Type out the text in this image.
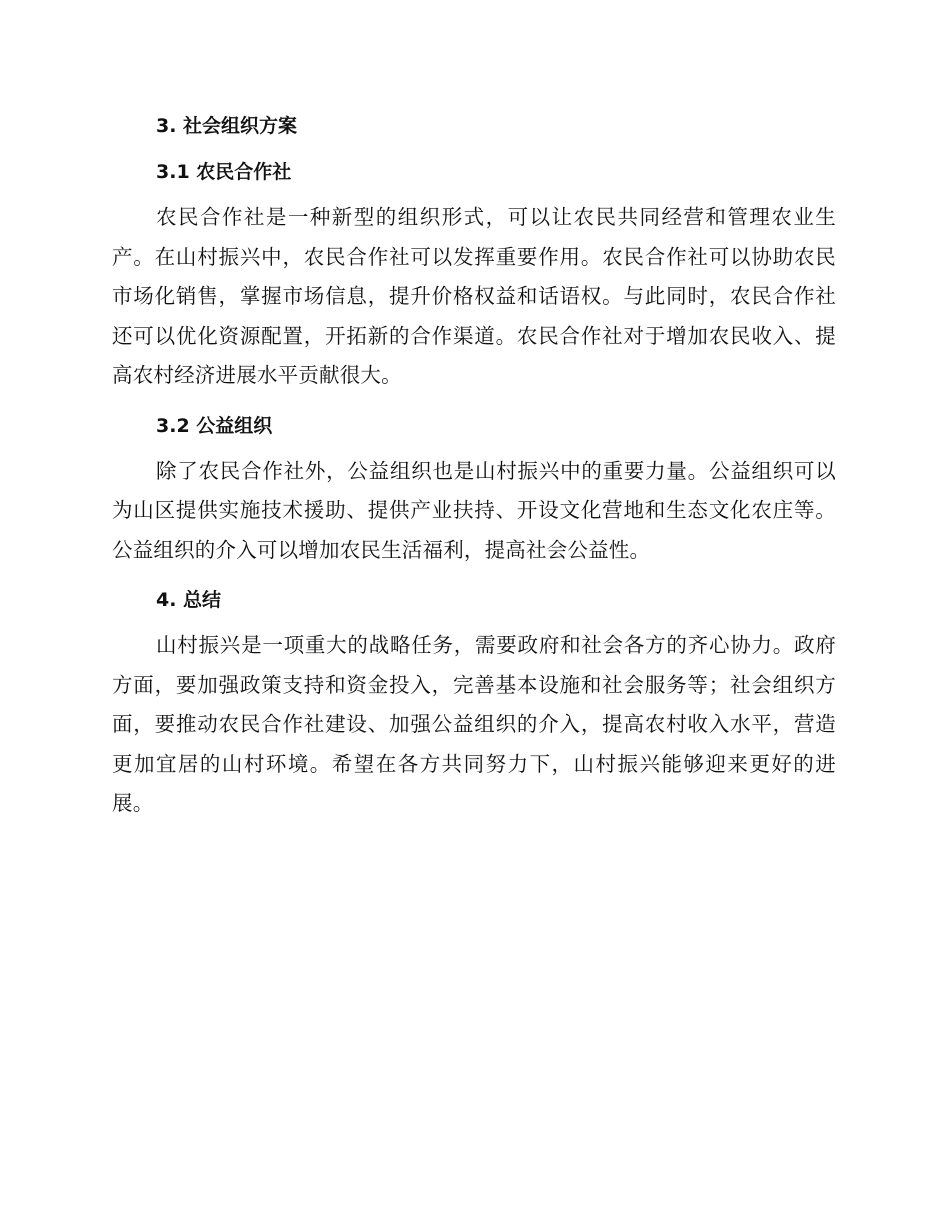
3. 社会组织方案
3.1 农民合作社

农民合作社是一种新型的组织形式，可以让农民共同经营和管理农业生产。在山村振兴中，农民合作社可以发挥重要作用。农民合作社可以协助农民市场化销售，掌握市场信息，提升价格权益和话语权。与此同时，农民合作社还可以优化资源配置，开拓新的合作渠道。农民合作社对于增加农民收入、提高农村经济进展水平贡献很大。

3.2 公益组织

除了农民合作社外，公益组织也是山村振兴中的重要力量。公益组织可以为山区提供实施技术援助、提供产业扶持、开设文化营地和生态文化农庄等。公益组织的介入可以增加农民生活福利，提高社会公益性。

4. 总结

山村振兴是一项重大的战略任务，需要政府和社会各方的齐心协力。政府方面，要加强政策支持和资金投入，完善基本设施和社会服务等；社会组织方面，要推动农民合作社建设、加强公益组织的介入，提高农村收入水平，营造更加宜居的山村环境。希望在各方共同努力下，山村振兴能够迎来更好的进展。
